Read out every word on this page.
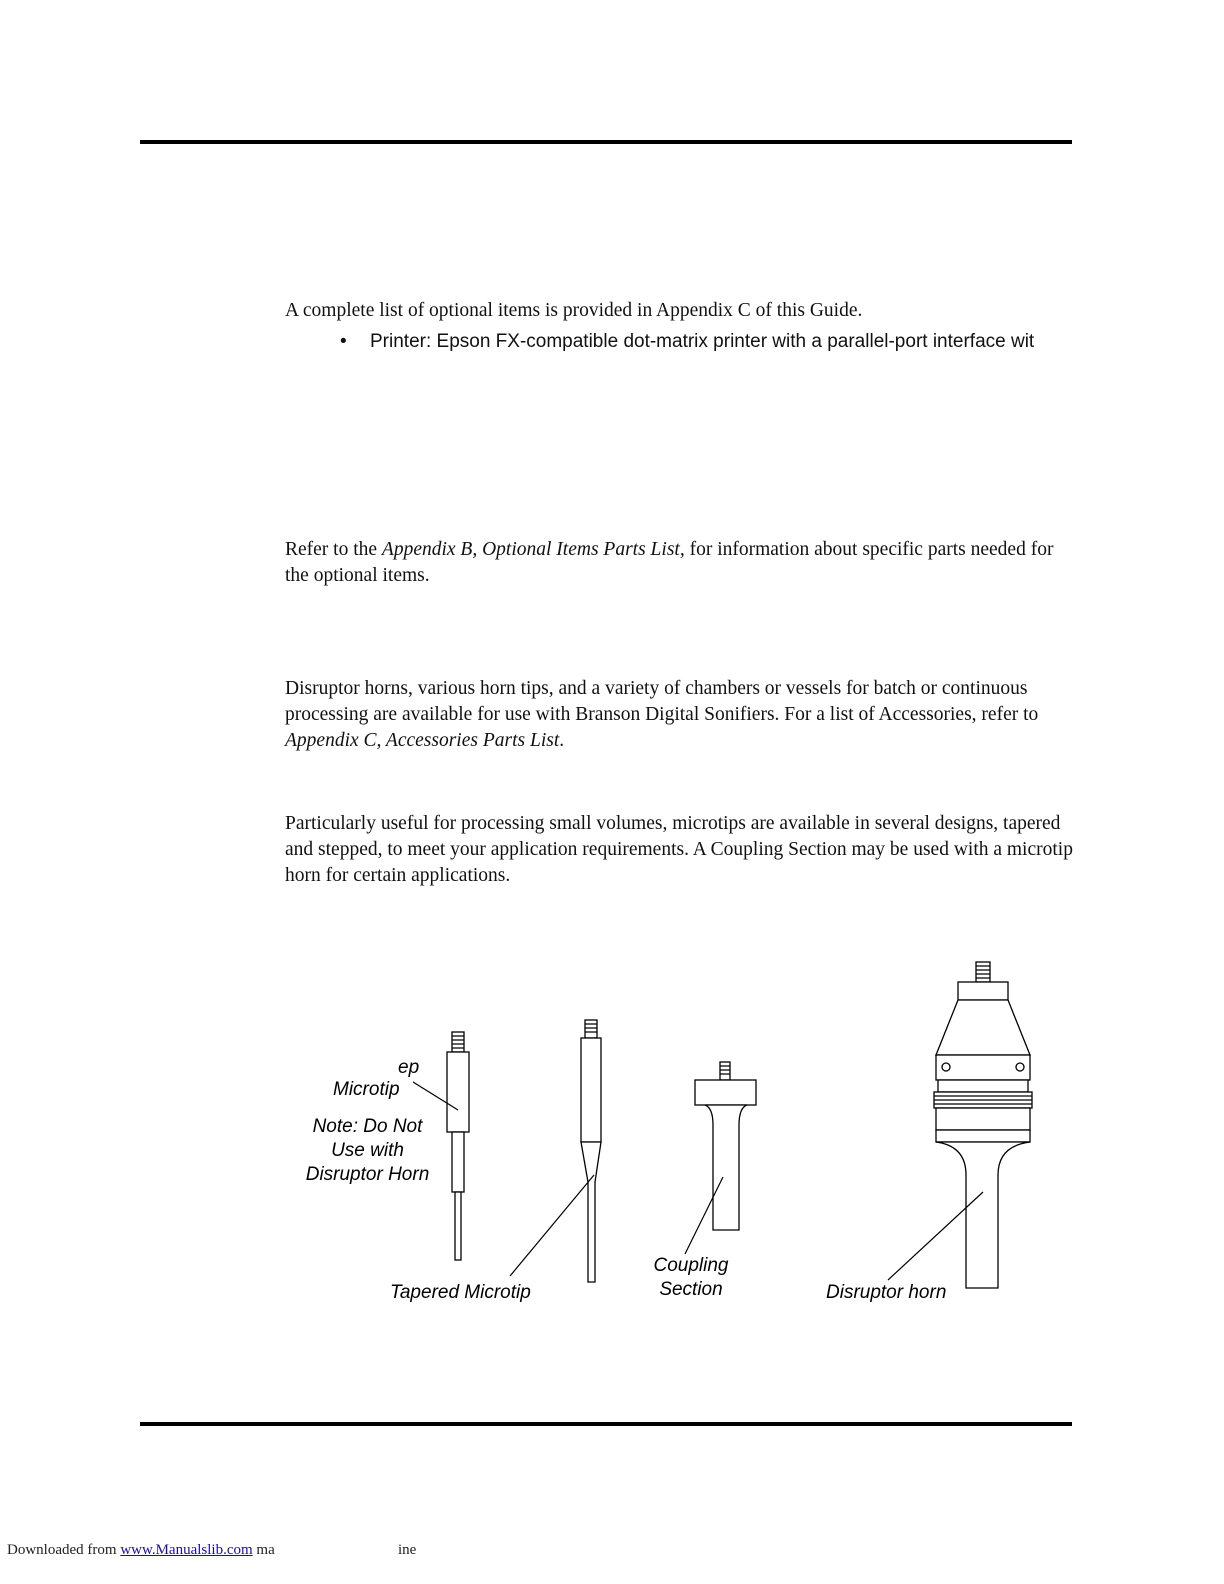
A complete list of optional items is provided in Appendix C of this Guide.

• Printer: Epson FX-compatible dot-matrix printer with a parallel-port interface wit

Refer to the Appendix B, Optional Items Parts List, for information about specific parts needed for the optional items.

Disruptor horns, various horn tips, and a variety of chambers or vessels for batch or continuous processing are available for use with Branson Digital Sonifiers. For a list of Accessories, refer to Appendix C, Accessories Parts List.

Particularly useful for processing small volumes, microtips are available in several designs, tapered and stepped, to meet your application requirements. A Coupling Section may be used with a microtip horn for certain applications.

ep
Microtip
Note: Do Not
Use with
Disruptor Horn
Tapered Microtip
Coupling
Section	Disruptor horn
Downloaded from www.Manualslib.com ma	ine
